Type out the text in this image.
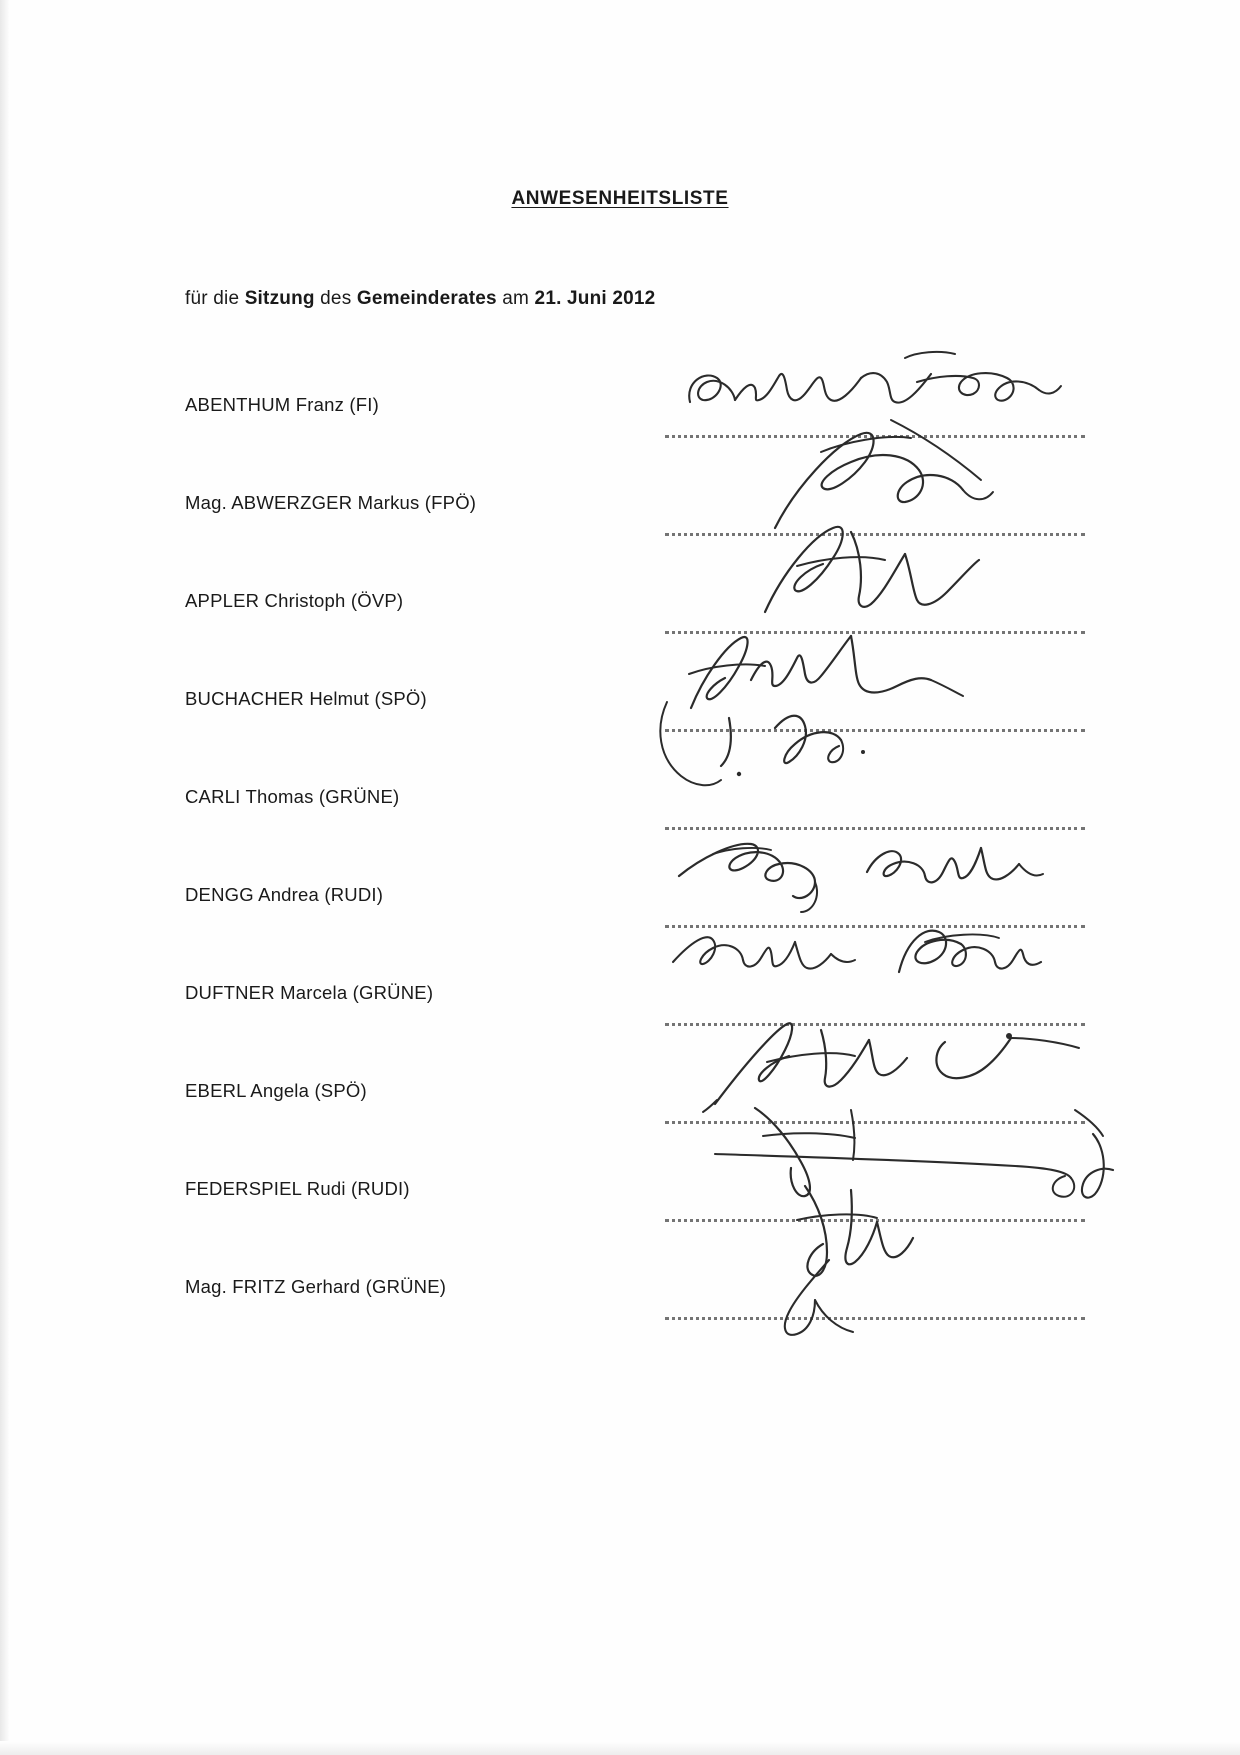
ANWESENHEITSLISTE
für die Sitzung des Gemeinderates am 21. Juni 2012
ABENTHUM Franz (FI)
Mag. ABWERZGER Markus (FPÖ)
APPLER Christoph (ÖVP)
BUCHACHER Helmut (SPÖ)
CARLI Thomas (GRÜNE)
DENGG Andrea (RUDI)
DUFTNER Marcela (GRÜNE)
EBERL Angela (SPÖ)
FEDERSPIEL Rudi (RUDI)
Mag. FRITZ Gerhard (GRÜNE)
